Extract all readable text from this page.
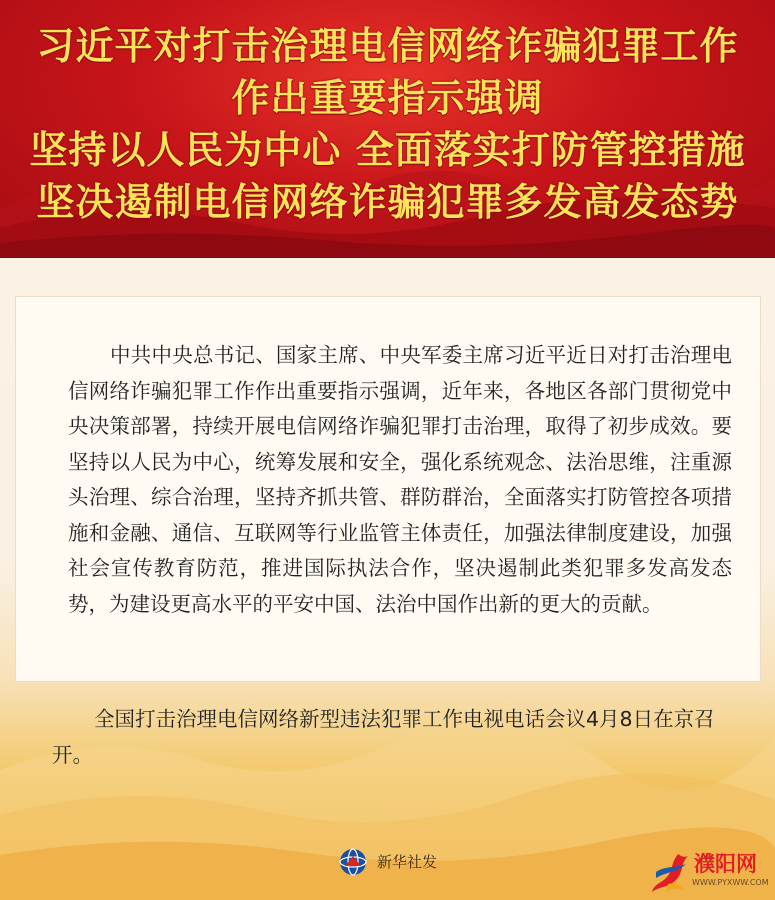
习近平对打击治理电信网络诈骗犯罪工作
作出重要指示强调
坚持以人民为中心 全面落实打防管控措施
坚决遏制电信网络诈骗犯罪多发高发态势

中共中央总书记、国家主席、中央军委主席习近平近日对打击治理电信网络诈骗犯罪工作作出重要指示强调，近年来，各地区各部门贯彻党中央决策部署，持续开展电信网络诈骗犯罪打击治理，取得了初步成效。要坚持以人民为中心，统筹发展和安全，强化系统观念、法治思维，注重源头治理、综合治理，坚持齐抓共管、群防群治，全面落实打防管控各项措施和金融、通信、互联网等行业监管主体责任，加强法律制度建设，加强社会宣传教育防范，推进国际执法合作，坚决遏制此类犯罪多发高发态势，为建设更高水平的平安中国、法治中国作出新的更大的贡献。

全国打击治理电信网络新型违法犯罪工作电视电话会议4月8日在京召开。

新华社发	濮阳网
WWW.PYXWW.COM
